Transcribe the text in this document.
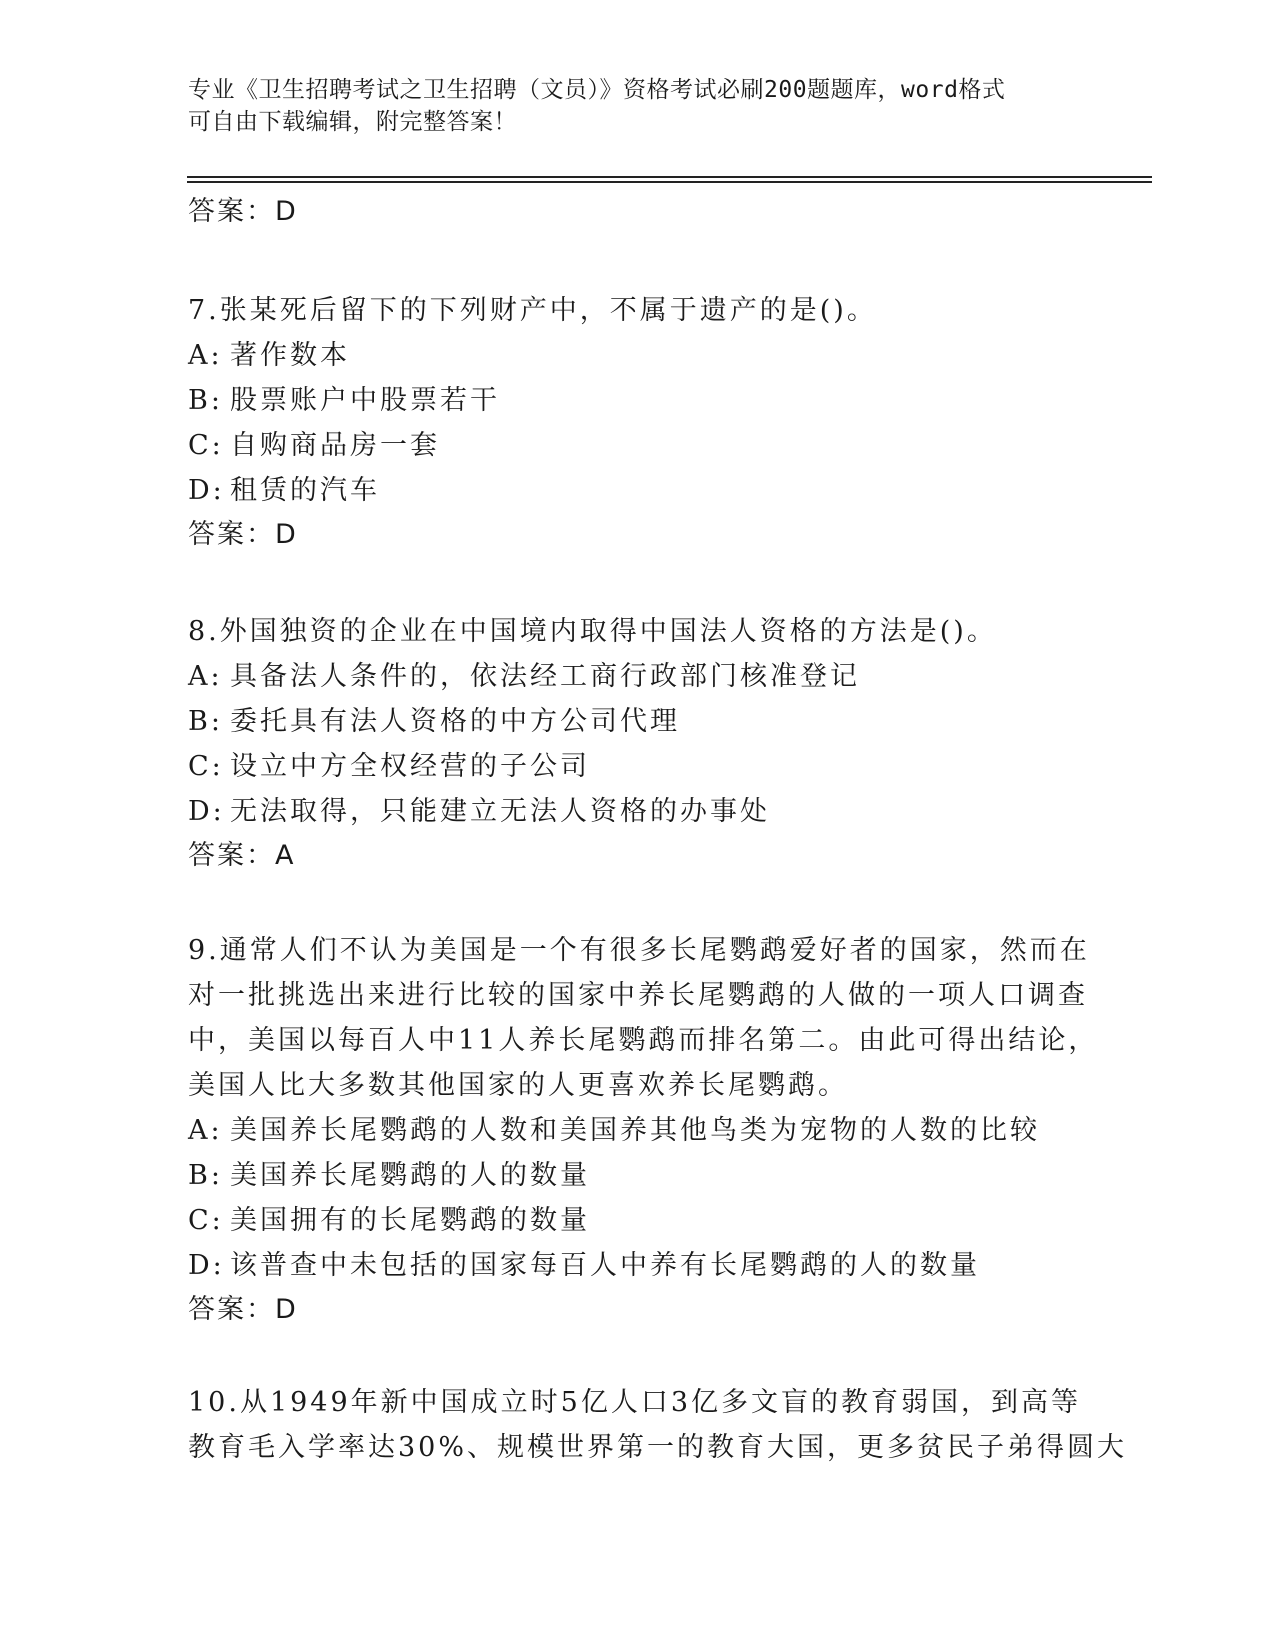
专业《卫生招聘考试之卫生招聘（文员）》资格考试必刷200题题库，word格式
可自由下载编辑，附完整答案！
答案：D
7.张某死后留下的下列财产中，不属于遗产的是()。
A: 著作数本
B: 股票账户中股票若干
C: 自购商品房一套
D: 租赁的汽车
答案：D
8.外国独资的企业在中国境内取得中国法人资格的方法是()。
A: 具备法人条件的，依法经工商行政部门核准登记
B: 委托具有法人资格的中方公司代理
C: 设立中方全权经营的子公司
D: 无法取得，只能建立无法人资格的办事处
答案：A
9.通常人们不认为美国是一个有很多长尾鹦鹉爱好者的国家，然而在
对一批挑选出来进行比较的国家中养长尾鹦鹉的人做的一项人口调查
中，美国以每百人中11人养长尾鹦鹉而排名第二。由此可得出结论，
美国人比大多数其他国家的人更喜欢养长尾鹦鹉。
A: 美国养长尾鹦鹉的人数和美国养其他鸟类为宠物的人数的比较
B: 美国养长尾鹦鹉的人的数量
C: 美国拥有的长尾鹦鹉的数量
D: 该普查中未包括的国家每百人中养有长尾鹦鹉的人的数量
答案：D
10.从1949年新中国成立时5亿人口3亿多文盲的教育弱国，到高等
教育毛入学率达30%、规模世界第一的教育大国，更多贫民子弟得圆大
